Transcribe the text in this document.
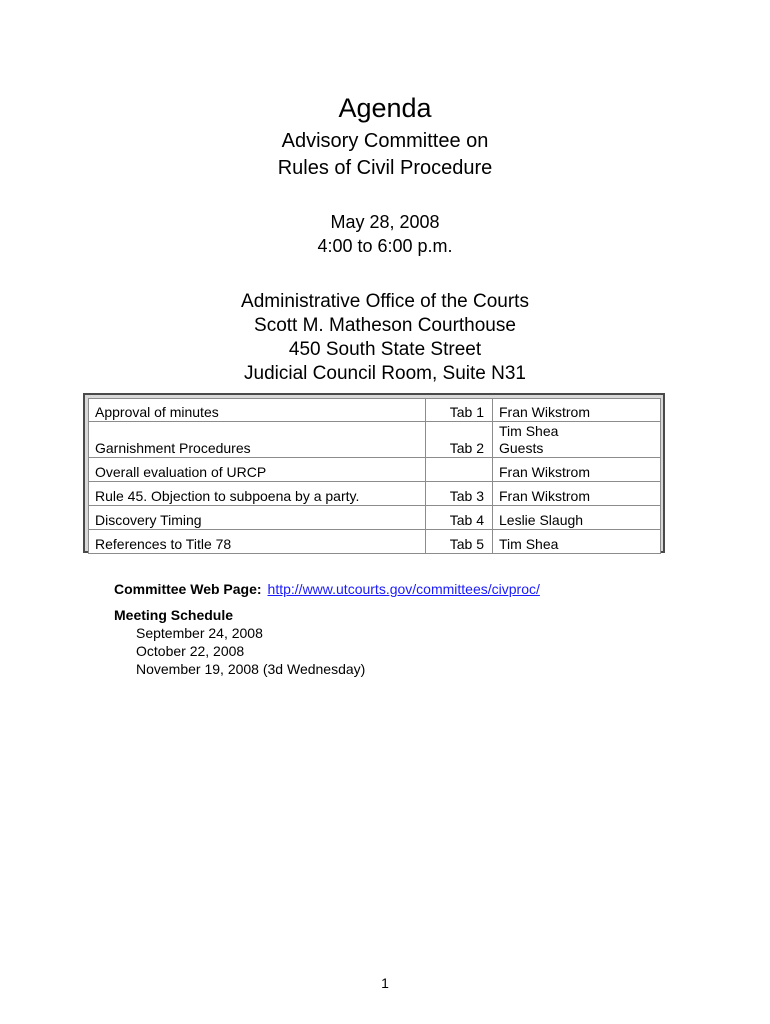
Agenda
Advisory Committee on
Rules of Civil Procedure
May 28, 2008
4:00 to 6:00 p.m.
Administrative Office of the Courts
Scott M. Matheson Courthouse
450 South State Street
Judicial Council Room, Suite N31
Approval of minutes	Tab 1	Fran Wikstrom

Garnishment Procedures	Tab 2	Tim Shea
Guests

Overall evaluation of URCP		Fran Wikstrom

Rule 45. Objection to subpoena by a party.	Tab 3	Fran Wikstrom

Discovery Timing	Tab 4	Leslie Slaugh

References to Title 78	Tab 5	Tim Shea
Committee Web Page: http://www.utcourts.gov/committees/civproc/
Meeting Schedule
September 24, 2008
October 22, 2008
November 19, 2008 (3d Wednesday)
1
